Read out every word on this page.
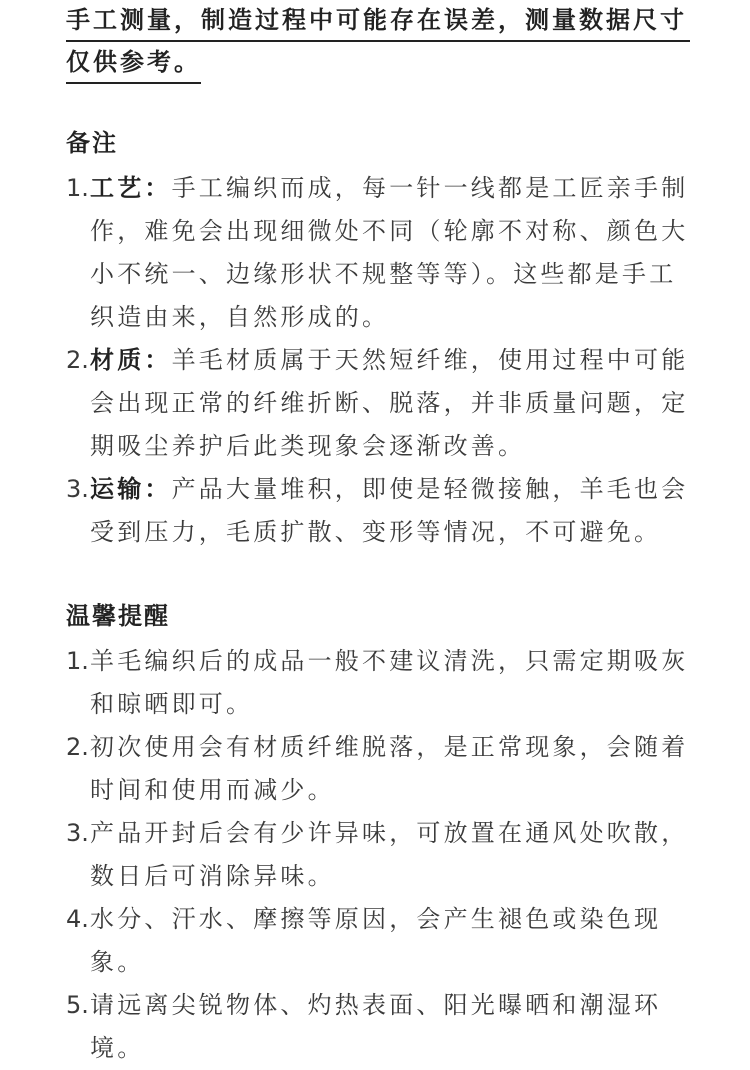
手工测量，制造过程中可能存在误差，测量数据尺寸
仅供参考。
备注
1. 工艺：手工编织而成，每一针一线都是工匠亲手制作，难免会出现细微处不同（轮廓不对称、颜色大小不统一、边缘形状不规整等等）。这些都是手工织造由来，自然形成的。
2. 材质：羊毛材质属于天然短纤维，使用过程中可能会出现正常的纤维折断、脱落，并非质量问题，定期吸尘养护后此类现象会逐渐改善。
3. 运输：产品大量堆积，即使是轻微接触，羊毛也会受到压力，毛质扩散、变形等情况，不可避免。
温馨提醒
1. 羊毛编织后的成品一般不建议清洗，只需定期吸灰和晾晒即可。
2. 初次使用会有材质纤维脱落，是正常现象，会随着时间和使用而减少。
3. 产品开封后会有少许异味，可放置在通风处吹散，数日后可消除异味。
4. 水分、汗水、摩擦等原因，会产生褪色或染色现象。
5. 请远离尖锐物体、灼热表面、阳光曝晒和潮湿环境。
